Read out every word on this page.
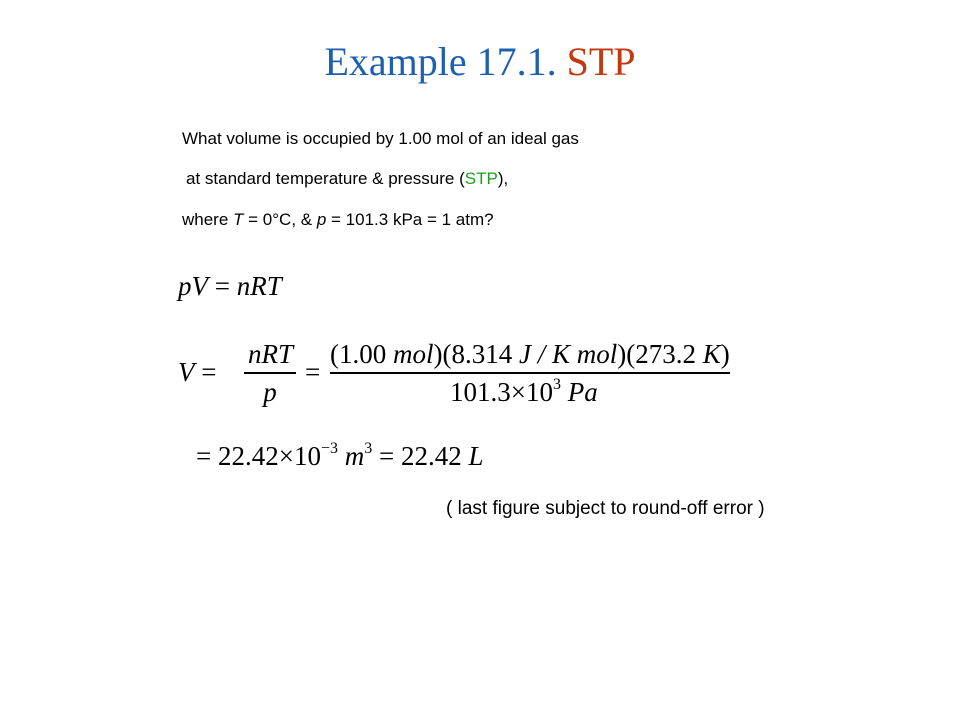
Example 17.1. STP
What volume is occupied by 1.00 mol of an ideal gas
at standard temperature & pressure (STP),
where T = 0°C, & p = 101.3 kPa = 1 atm?
pV = nRT
V =
nRT
p
=
(1.00 mol)(8.314 J / K mol)(273.2 K)
$101.3\times 10^3$ Pa
= $22.42\times 10^{-3}$ $m^3 = 22.42$ L
( last figure subject to round-off error )
